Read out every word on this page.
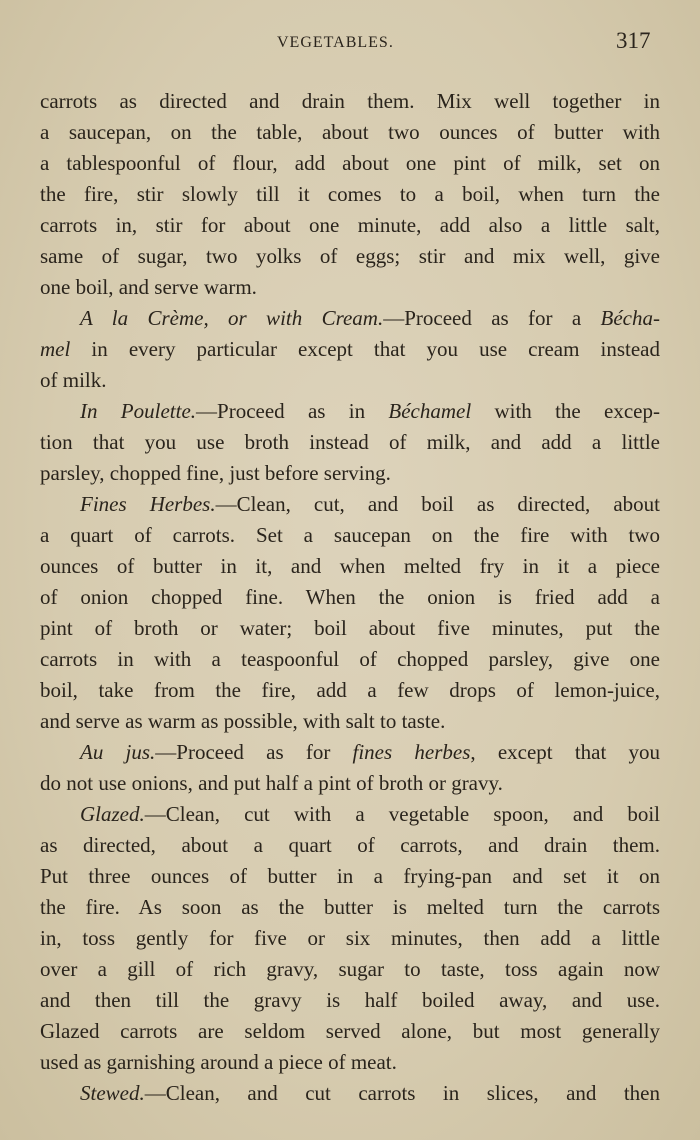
VEGETABLES.	317
carrots as directed and drain them. Mix well together in
a saucepan, on the table, about two ounces of butter with
a tablespoonful of flour, add about one pint of milk, set on
the fire, stir slowly till it comes to a boil, when turn the
carrots in, stir for about one minute, add also a little salt,
same of sugar, two yolks of eggs; stir and mix well, give
one boil, and serve warm.
A la Crème, or with Cream.—Proceed as for a Bécha-
mel in every particular except that you use cream instead
of milk.
In Poulette.—Proceed as in Béchamel with the excep-
tion that you use broth instead of milk, and add a little
parsley, chopped fine, just before serving.
Fines Herbes.—Clean, cut, and boil as directed, about
a quart of carrots. Set a saucepan on the fire with two
ounces of butter in it, and when melted fry in it a piece
of onion chopped fine. When the onion is fried add a
pint of broth or water; boil about five minutes, put the
carrots in with a teaspoonful of chopped parsley, give one
boil, take from the fire, add a few drops of lemon-juice,
and serve as warm as possible, with salt to taste.
Au jus.—Proceed as for fines herbes, except that you
do not use onions, and put half a pint of broth or gravy.
Glazed.—Clean, cut with a vegetable spoon, and boil
as directed, about a quart of carrots, and drain them.
Put three ounces of butter in a frying-pan and set it on
the fire. As soon as the butter is melted turn the carrots
in, toss gently for five or six minutes, then add a little
over a gill of rich gravy, sugar to taste, toss again now
and then till the gravy is half boiled away, and use.
Glazed carrots are seldom served alone, but most generally
used as garnishing around a piece of meat.
Stewed.—Clean, and cut carrots in slices, and then
